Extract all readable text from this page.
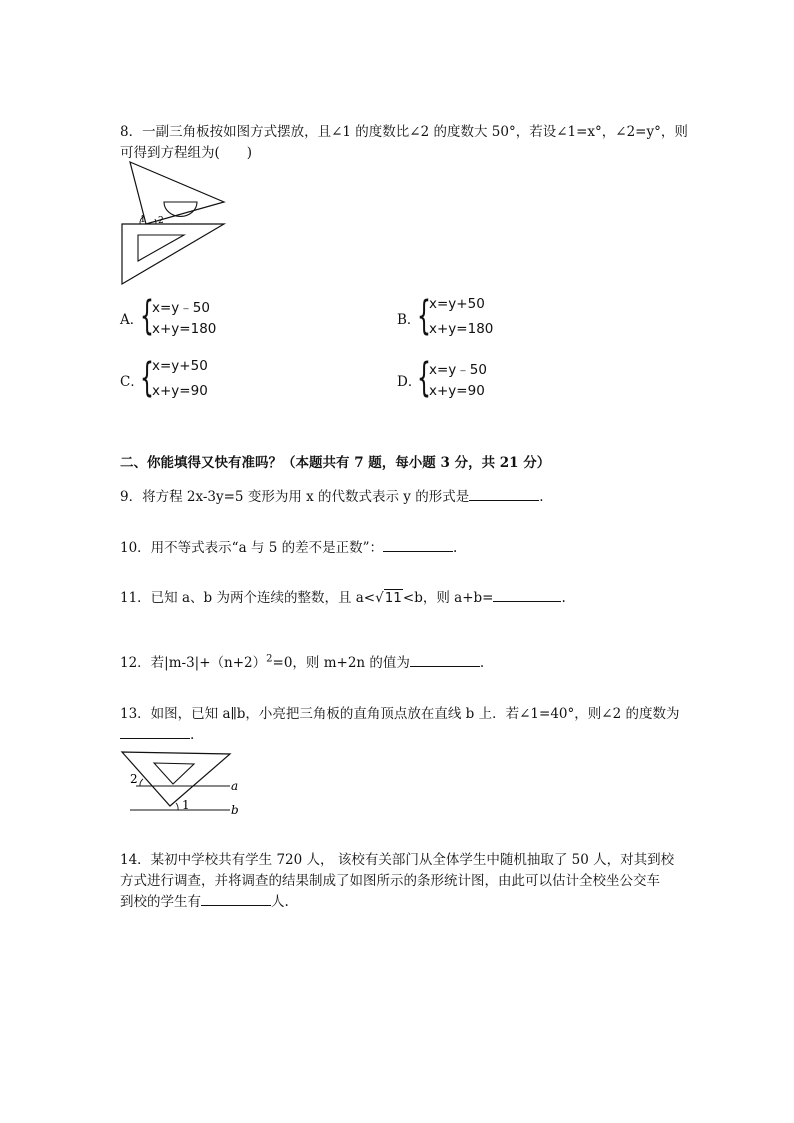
8．一副三角板按如图方式摆放，且∠1 的度数比∠2 的度数大 50°，若设∠1=x°，∠2=y°，则
可得到方程组为(　　)
1 2
A．
{
x=y﹣50
x+y=180
B．
{
x=y+50
x+y=180
C．
{
x=y+50
x+y=90
D．
{
x=y﹣50
x+y=90
二、你能填得又快有准吗？（本题共有 7 题，每小题 3 分，共 21 分）
9．将方程 2x-3y=5 变形为用 x 的代数式表示 y 的形式是	.
10．用不等式表示“a 与 5 的差不是正数”：	.
11．已知 a、b 为两个连续的整数，且 a< √ 11 <b，则 a+b=	.
12．若$|m-3|+(n+2)^2=0$，则 m+2n 的值为	.
13．如图，已知 a∥b，小亮把三角板的直角顶点放在直线 b 上．若∠1=40°，则∠2 的度数为
.
2
1
a
b
14．某初中学校共有学生 720 人， 该校有关部门从全体学生中随机抽取了 50 人，对其到校
方式进行调查，并将调查的结果制成了如图所示的条形统计图，由此可以估计全校坐公交车
到校的学生有	人.
